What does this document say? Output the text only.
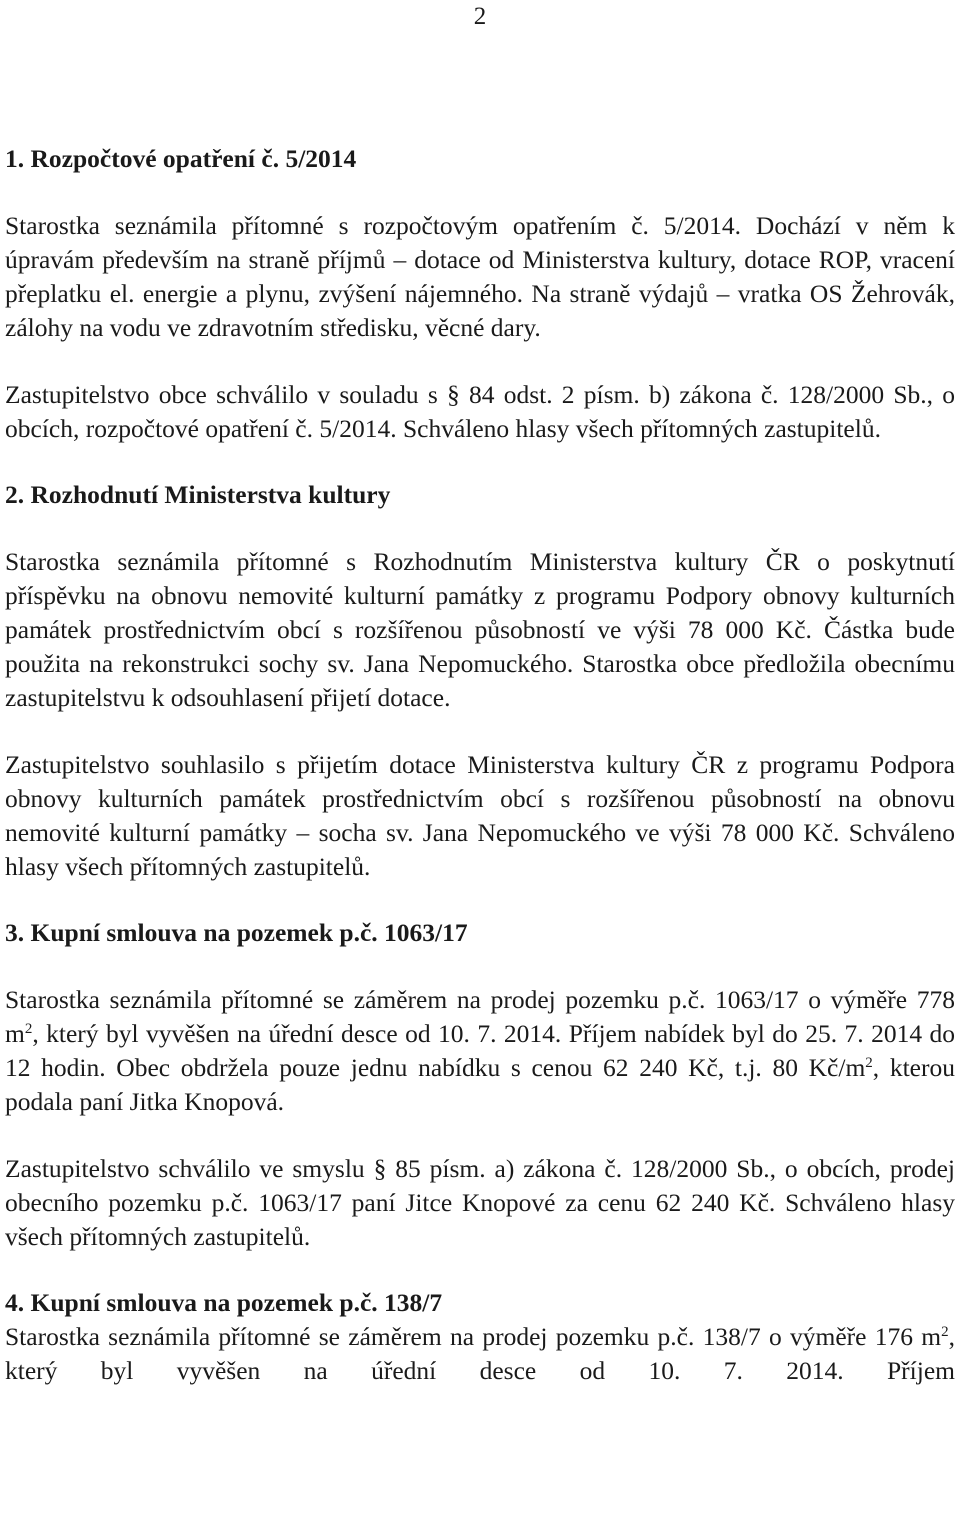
2
1. Rozpočtové opatření č. 5/2014

Starostka seznámila přítomné s rozpočtovým opatřením č. 5/2014. Dochází v něm k úpravám především na straně příjmů – dotace od Ministerstva kultury, dotace ROP, vracení přeplatku el. energie a plynu, zvýšení nájemného. Na straně výdajů – vratka OS Žehrovák, zálohy na vodu ve zdravotním středisku, věcné dary.

Zastupitelstvo obce schválilo v souladu s § 84 odst. 2 písm. b) zákona č. 128/2000 Sb., o obcích, rozpočtové opatření č. 5/2014. Schváleno hlasy všech přítomných zastupitelů.

2. Rozhodnutí Ministerstva kultury

Starostka seznámila přítomné s Rozhodnutím Ministerstva kultury ČR o poskytnutí příspěvku na obnovu nemovité kulturní památky z programu Podpory obnovy kulturních památek prostřednictvím obcí s rozšířenou působností ve výši 78 000 Kč. Částka bude použita na rekonstrukci sochy sv. Jana Nepomuckého. Starostka obce předložila obecnímu zastupitelstvu k odsouhlasení přijetí dotace.

Zastupitelstvo souhlasilo s přijetím dotace Ministerstva kultury ČR z programu Podpora obnovy kulturních památek prostřednictvím obcí s rozšířenou působností na obnovu nemovité kulturní památky – socha sv. Jana Nepomuckého ve výši 78 000 Kč. Schváleno hlasy všech přítomných zastupitelů.

3. Kupní smlouva na pozemek p.č. 1063/17

Starostka seznámila přítomné se záměrem na prodej pozemku p.č. 1063/17 o výměře 778 $m^2$, který byl vyvěšen na úřední desce od 10. 7. 2014. Příjem nabídek byl do 25. 7. 2014 do 12 hodin. Obec obdržela pouze jednu nabídku s cenou 62 240 Kč, t.j. 80 $Kč/m^2$, kterou podala paní Jitka Knopová.

Zastupitelstvo schválilo ve smyslu § 85 písm. a) zákona č. 128/2000 Sb., o obcích, prodej obecního pozemku p.č. 1063/17 paní Jitce Knopové za cenu 62 240 Kč. Schváleno hlasy všech přítomných zastupitelů.

4. Kupní smlouva na pozemek p.č. 138/7

Starostka seznámila přítomné se záměrem na prodej pozemku p.č. 138/7 o výměře 176 $m^2$, který byl vyvěšen na úřední desce od 10. 7. 2014. Příjem
